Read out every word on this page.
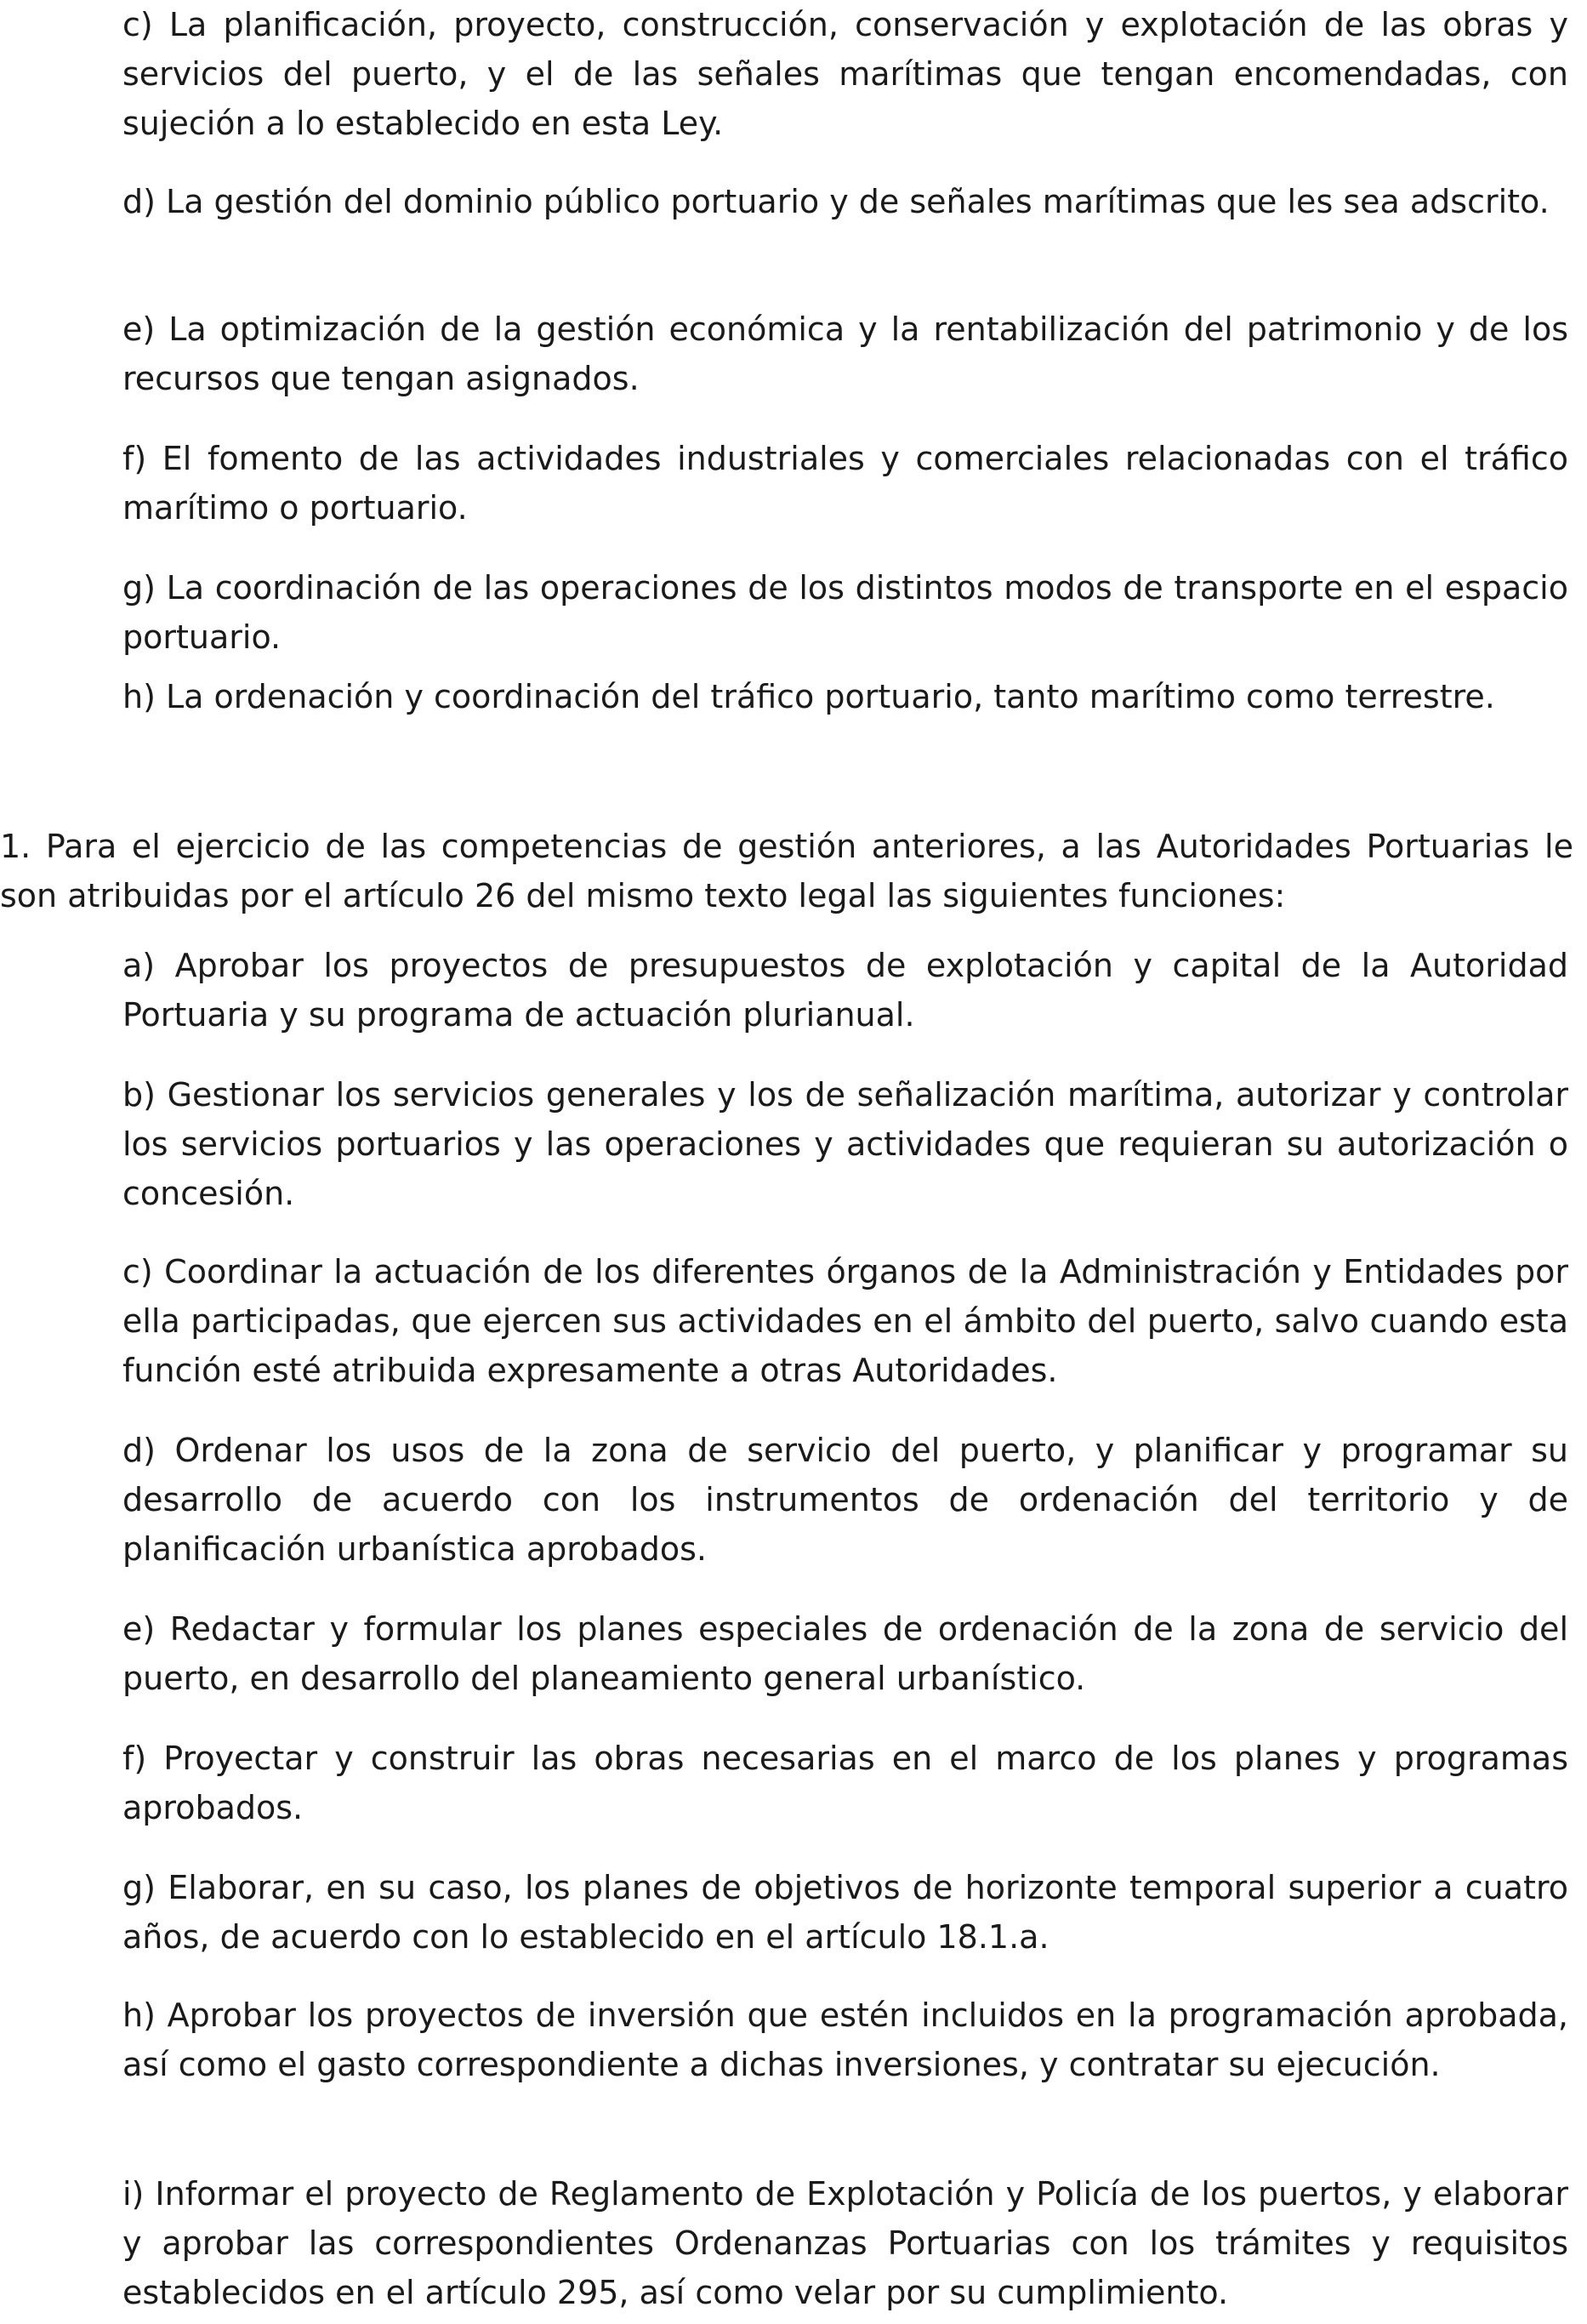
c) La planificación, proyecto, construcción, conservación y explotación de las obras y servicios del puerto, y el de las señales marítimas que tengan encomendadas, con sujeción a lo establecido en esta Ley.

d) La gestión del dominio público portuario y de señales marítimas que les sea adscrito.

e) La optimización de la gestión económica y la rentabilización del patrimonio y de los recursos que tengan asignados.

f) El fomento de las actividades industriales y comerciales relacionadas con el tráfico marítimo o portuario.

g) La coordinación de las operaciones de los distintos modos de transporte en el espacio portuario.

h) La ordenación y coordinación del tráfico portuario, tanto marítimo como terrestre.

1. Para el ejercicio de las competencias de gestión anteriores, a las Autoridades Portuarias le son atribuidas por el artículo 26 del mismo texto legal las siguientes funciones:

a) Aprobar los proyectos de presupuestos de explotación y capital de la Autoridad Portuaria y su programa de actuación plurianual.

b) Gestionar los servicios generales y los de señalización marítima, autorizar y controlar los servicios portuarios y las operaciones y actividades que requieran su autorización o concesión.

c) Coordinar la actuación de los diferentes órganos de la Administración y Entidades por ella participadas, que ejercen sus actividades en el ámbito del puerto, salvo cuando esta función esté atribuida expresamente a otras Autoridades.

d) Ordenar los usos de la zona de servicio del puerto, y planificar y programar su desarrollo de acuerdo con los instrumentos de ordenación del territorio y de planificación urbanística aprobados.

e) Redactar y formular los planes especiales de ordenación de la zona de servicio del puerto, en desarrollo del planeamiento general urbanístico.

f) Proyectar y construir las obras necesarias en el marco de los planes y programas aprobados.

g) Elaborar, en su caso, los planes de objetivos de horizonte temporal superior a cuatro años, de acuerdo con lo establecido en el artículo 18.1.a.

h) Aprobar los proyectos de inversión que estén incluidos en la programación aprobada, así como el gasto correspondiente a dichas inversiones, y contratar su ejecución.

i) Informar el proyecto de Reglamento de Explotación y Policía de los puertos, y elaborar y aprobar las correspondientes Ordenanzas Portuarias con los trámites y requisitos establecidos en el artículo 295, así como velar por su cumplimiento.
